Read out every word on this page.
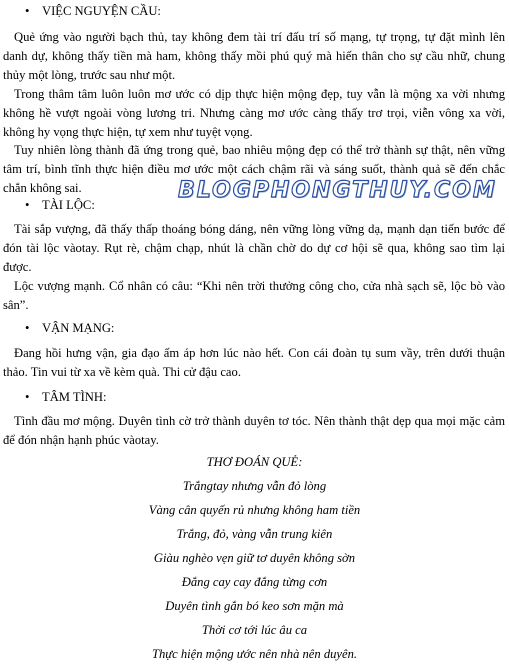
• VIỆC NGUYỆN CẦU:
Quẻ ứng vào người bạch thủ, tay không đem tài trí đấu trí số mạng, tự trọng, tự đặt mình lên danh dự, không thấy tiền mà ham, không thấy mồi phú quý mà hiến thân cho sự cầu nhữ, chung thủy một lòng, trước sau như một.
Trong thâm tâm luôn luôn mơ ước có dịp thực hiện mộng đẹp, tuy vẫn là mộng xa vời nhưng không hề vượt ngoài vòng lương tri. Nhưng càng mơ ước càng thấy trơ trọi, viễn vông xa vời, không hy vọng thực hiện, tự xem như tuyệt vọng.
Tuy nhiên lòng thành đã ứng trong quẻ, bao nhiêu mộng đẹp có thể trở thành sự thật, nên vững tâm trí, bình tĩnh thực hiện điều mơ ước một cách chậm rãi và sáng suốt, thành quả sẽ đến chắc chắn không sai.	BLOGPHONGTHUY.COM
• TÀI LỘC:
Tài sắp vượng, đã thấy thấp thoáng bóng dáng, nên vững lòng vững dạ, mạnh dạn tiến bước để đón tài lộc vàotay. Rụt rè, chậm chạp, nhút là chần chờ do dự cơ hội sẽ qua, không sao tìm lại được.
Lộc vượng mạnh. Cổ nhân có câu: “Khi nên trời thưởng công cho, cửa nhà sạch sẽ, lộc bò vào sân”.
• VẬN MẠNG:
Đang hồi hưng vận, gia đạo ấm áp hơn lúc nào hết. Con cái đoàn tụ sum vầy, trên dưới thuận thảo. Tin vui từ xa về kèm quà. Thi cử đậu cao.
• TÂM TÌNH:
Tình đầu mơ mộng. Duyên tình cờ trở thành duyên tơ tóc. Nên thành thật dẹp qua mọi mặc cảm để đón nhận hạnh phúc vàotay.
THƠ ĐOÁN QUẺ:
Trắngtay nhưng vẫn đỏ lòng
Vàng cân quyến rủ nhưng không ham tiền
Trắng, đỏ, vàng vẫn trung kiên
Giàu nghèo vẹn giữ tơ duyên không sờn
Đắng cay cay đắng từng cơn
Duyên tình gắn bó keo sơn mặn mà
Thời cơ tới lúc âu ca
Thực hiện mộng ước nên nhà nên duyên.
